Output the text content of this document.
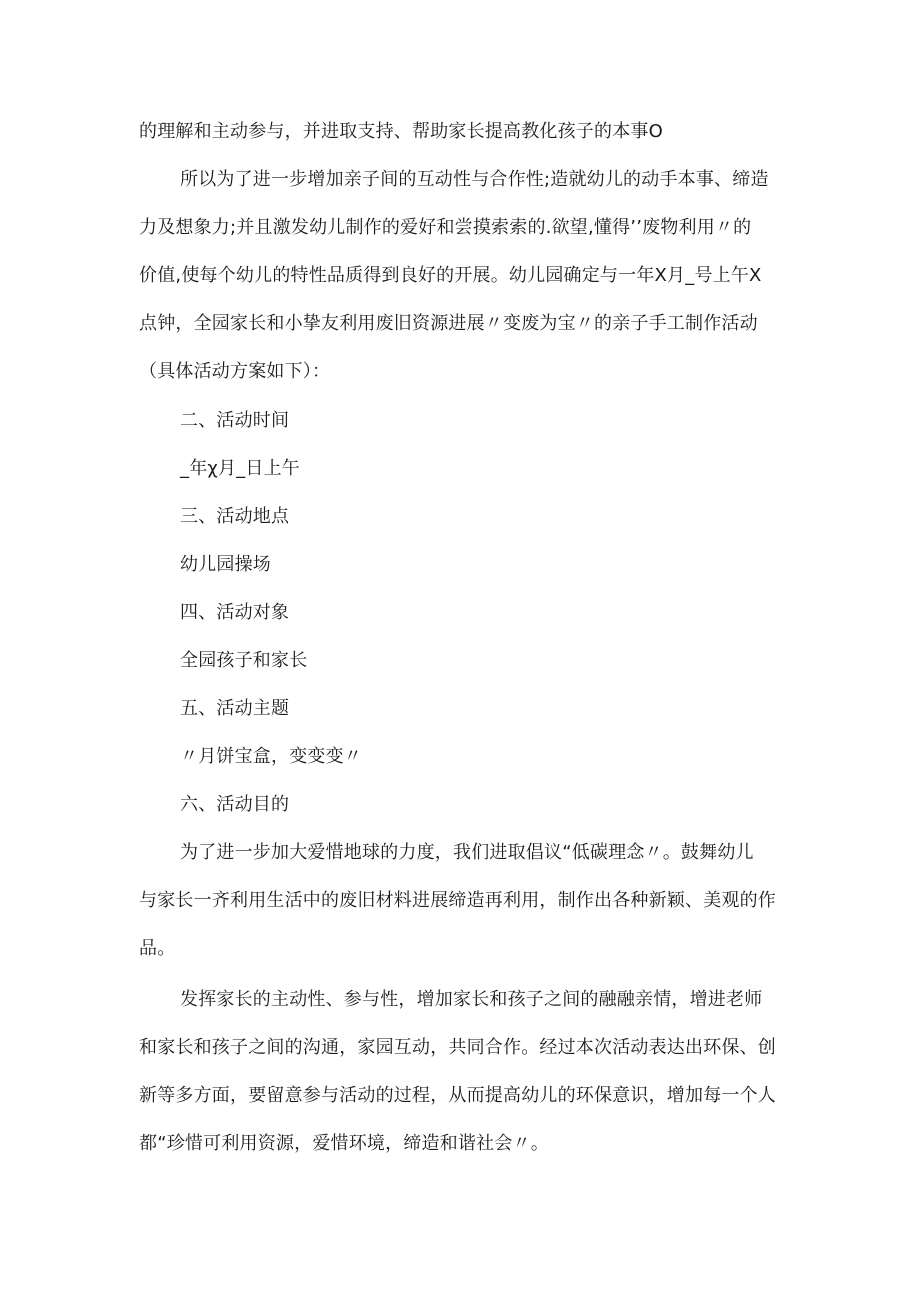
的理解和主动参与，并进取支持、帮助家长提高教化孩子的本事O
所以为了进一步增加亲子间的互动性与合作性;造就幼儿的动手本事、缔造
力及想象力;并且激发幼儿制作的爱好和尝摸索索的.欲望,懂得’’废物利用〃的
价值,使每个幼儿的特性品质得到良好的开展。幼儿园确定与一年X月_号上午X
点钟，全园家长和小挚友利用废旧资源进展〃变废为宝〃的亲子手工制作活动
（具体活动方案如下）：
二、活动时间
_年χ月_日上午
三、活动地点
幼儿园操场
四、活动对象
全园孩子和家长
五、活动主题
〃月饼宝盒，变变变〃
六、活动目的
为了进一步加大爱惜地球的力度，我们进取倡议“低碳理念〃。鼓舞幼儿
与家长一齐利用生活中的废旧材料进展缔造再利用，制作出各种新颖、美观的作
品。
发挥家长的主动性、参与性，增加家长和孩子之间的融融亲情，增进老师
和家长和孩子之间的沟通，家园互动，共同合作。经过本次活动表达出环保、创
新等多方面，要留意参与活动的过程，从而提高幼儿的环保意识，增加每一个人
都“珍惜可利用资源，爱惜环境，缔造和谐社会〃。
